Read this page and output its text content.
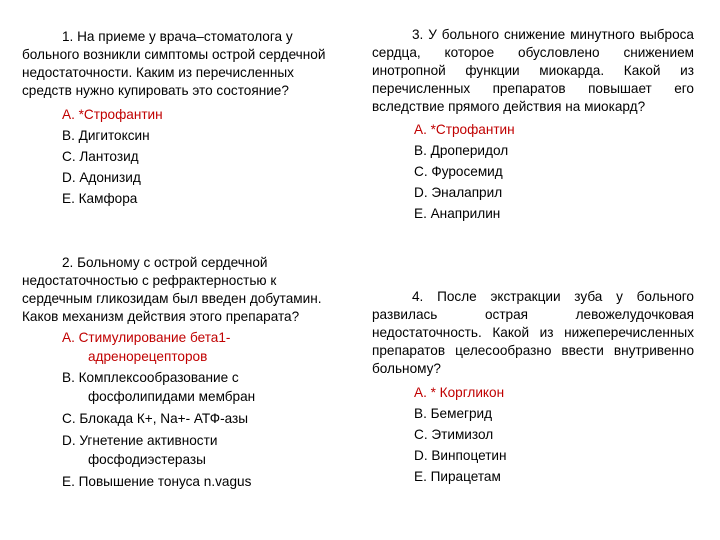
1. На приеме у врача–стоматолога у больного возникли симптомы острой сердечной недостаточности. Каким из перечисленных средств нужно купировать это состояние?

A. *Строфантин
B. Дигитоксин
C. Лантозид
D. Адонизид
E. Камфора

2. Больному с острой сердечной недостаточностью с рефрактерностью к сердечным гликозидам был введен добутамин. Каков механизм действия этого препарата?

A. Стимулирование бета1-
адренорецепторов
B. Комплексообразование с
фосфолипидами мембран
C. Блокада К+, Na+- АТФ-азы
D. Угнетение активности
фосфодиэстеразы
E. Повышение тонуса n.vagus

3. У больного снижение минутного выброса сердца, которое обусловлено снижением инотропной функции миокарда. Какой из перечисленных препаратов повышает его вследствие прямого действия на миокард?

A. *Строфантин
B. Дроперидол
C. Фуросемид
D. Эналаприл
E. Анаприлин

4. После экстракции зуба у больного развилась острая левожелудочковая недостаточность. Какой из нижеперечисленных препаратов целесообразно ввести внутривенно больному?

A. * Коргликон
B. Бемегрид
C. Этимизол
D. Винпоцетин
E. Пирацетам
